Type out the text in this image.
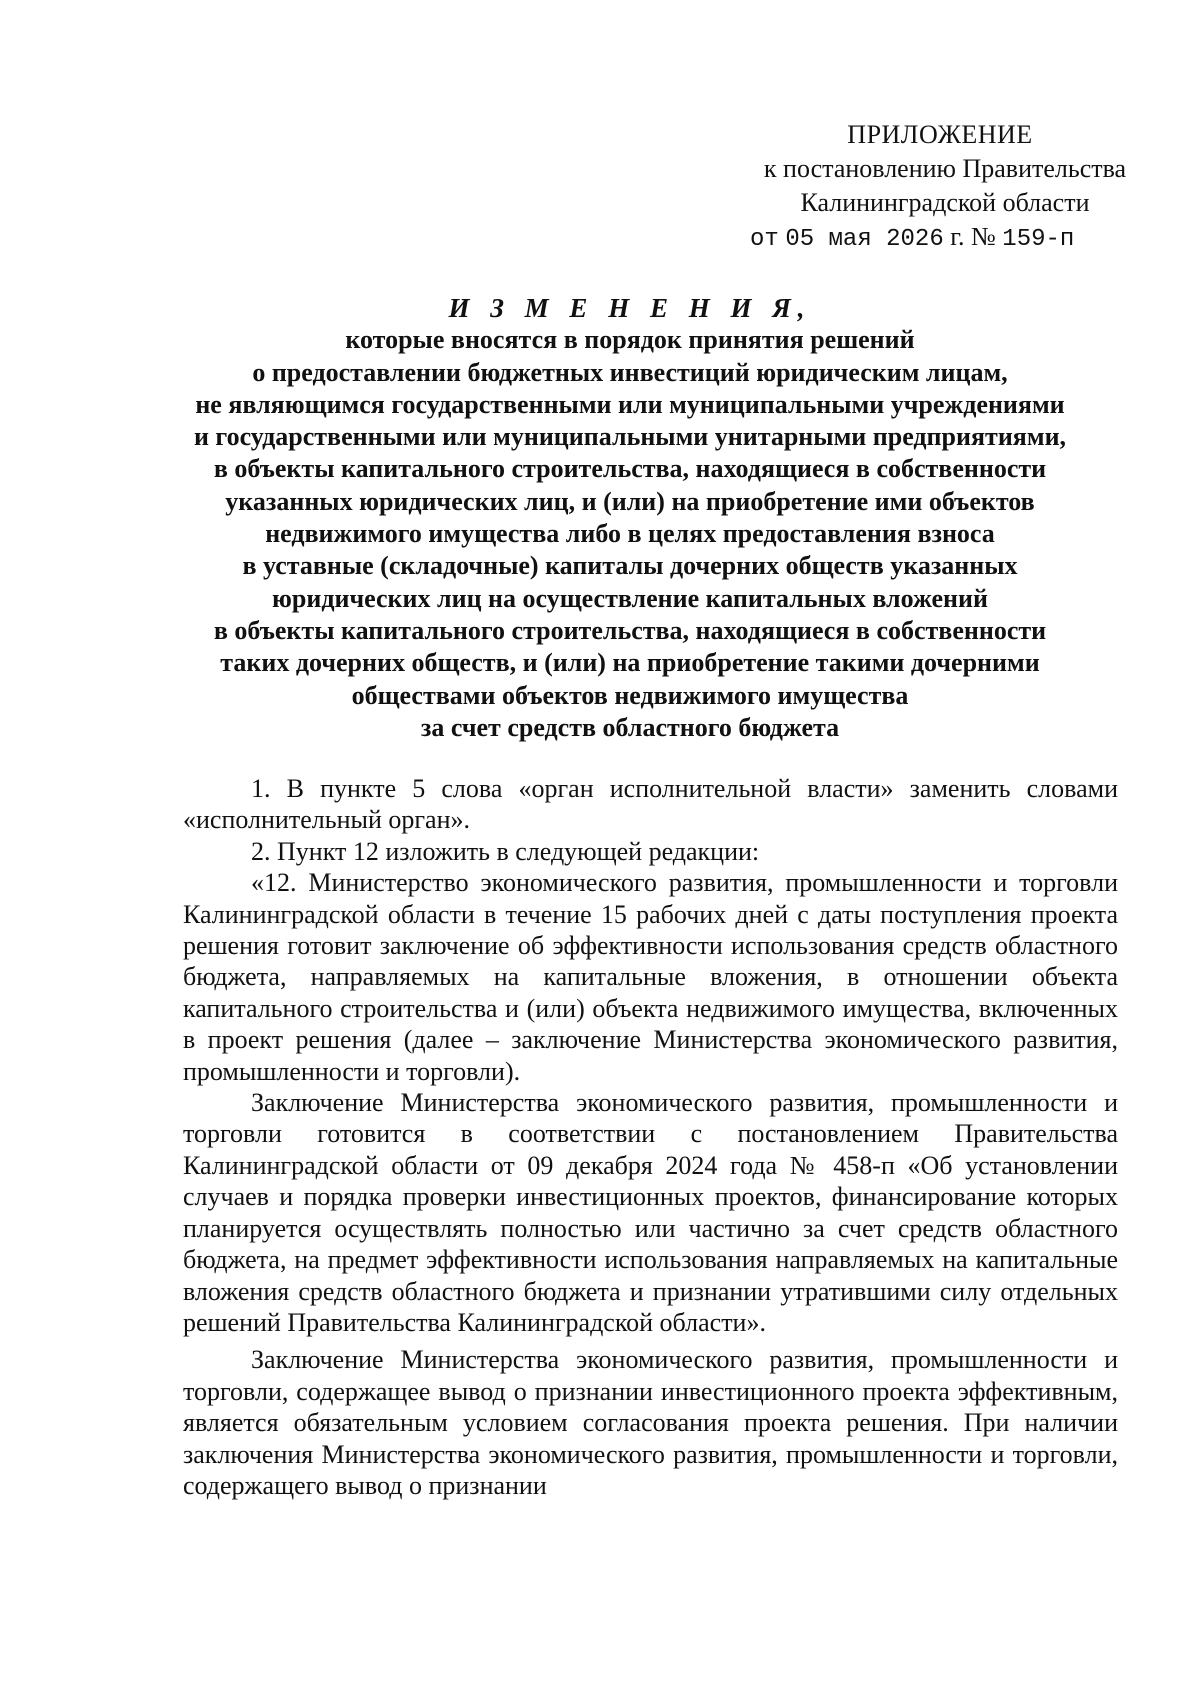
ПРИЛОЖЕНИЕ
к постановлению Правительства
Калининградской области
от 05 мая 2026 г. № 159-п
И З М Е Н Е Н И Я,
которые вносятся в порядок принятия решений
о предоставлении бюджетных инвестиций юридическим лицам,
не являющимся государственными или муниципальными учреждениями
и государственными или муниципальными унитарными предприятиями,
в объекты капитального строительства, находящиеся в собственности
указанных юридических лиц, и (или) на приобретение ими объектов
недвижимого имущества либо в целях предоставления взноса
в уставные (складочные) капиталы дочерних обществ указанных
юридических лиц на осуществление капитальных вложений
в объекты капитального строительства, находящиеся в собственности
таких дочерних обществ, и (или) на приобретение такими дочерними
обществами объектов недвижимого имущества
за счет средств областного бюджета

1. В пункте 5 слова «орган исполнительной власти» заменить словами «исполнительный орган».

2. Пункт 12 изложить в следующей редакции:

«12. Министерство экономического развития, промышленности и торговли Калининградской области в течение 15 рабочих дней с даты поступления проекта решения готовит заключение об эффективности использования средств областного бюджета, направляемых на капитальные вложения, в отношении объекта капитального строительства и (или) объекта недвижимого имущества, включенных в проект решения (далее – заключение Министерства экономического развития, промышленности и торговли).

Заключение Министерства экономического развития, промышленности и торговли готовится в соответствии с постановлением Правительства Калининградской области от 09 декабря 2024 года № 458-п «Об установлении случаев и порядка проверки инвестиционных проектов, финансирование которых планируется осуществлять полностью или частично за счет средств областного бюджета, на предмет эффективности использования направляемых на капитальные вложения средств областного бюджета и признании утратившими силу отдельных решений Правительства Калининградской области».

Заключение Министерства экономического развития, промышленности и торговли, содержащее вывод о признании инвестиционного проекта эффективным, является обязательным условием согласования проекта решения. При наличии заключения Министерства экономического развития, промышленности и торговли, содержащего вывод о признании
